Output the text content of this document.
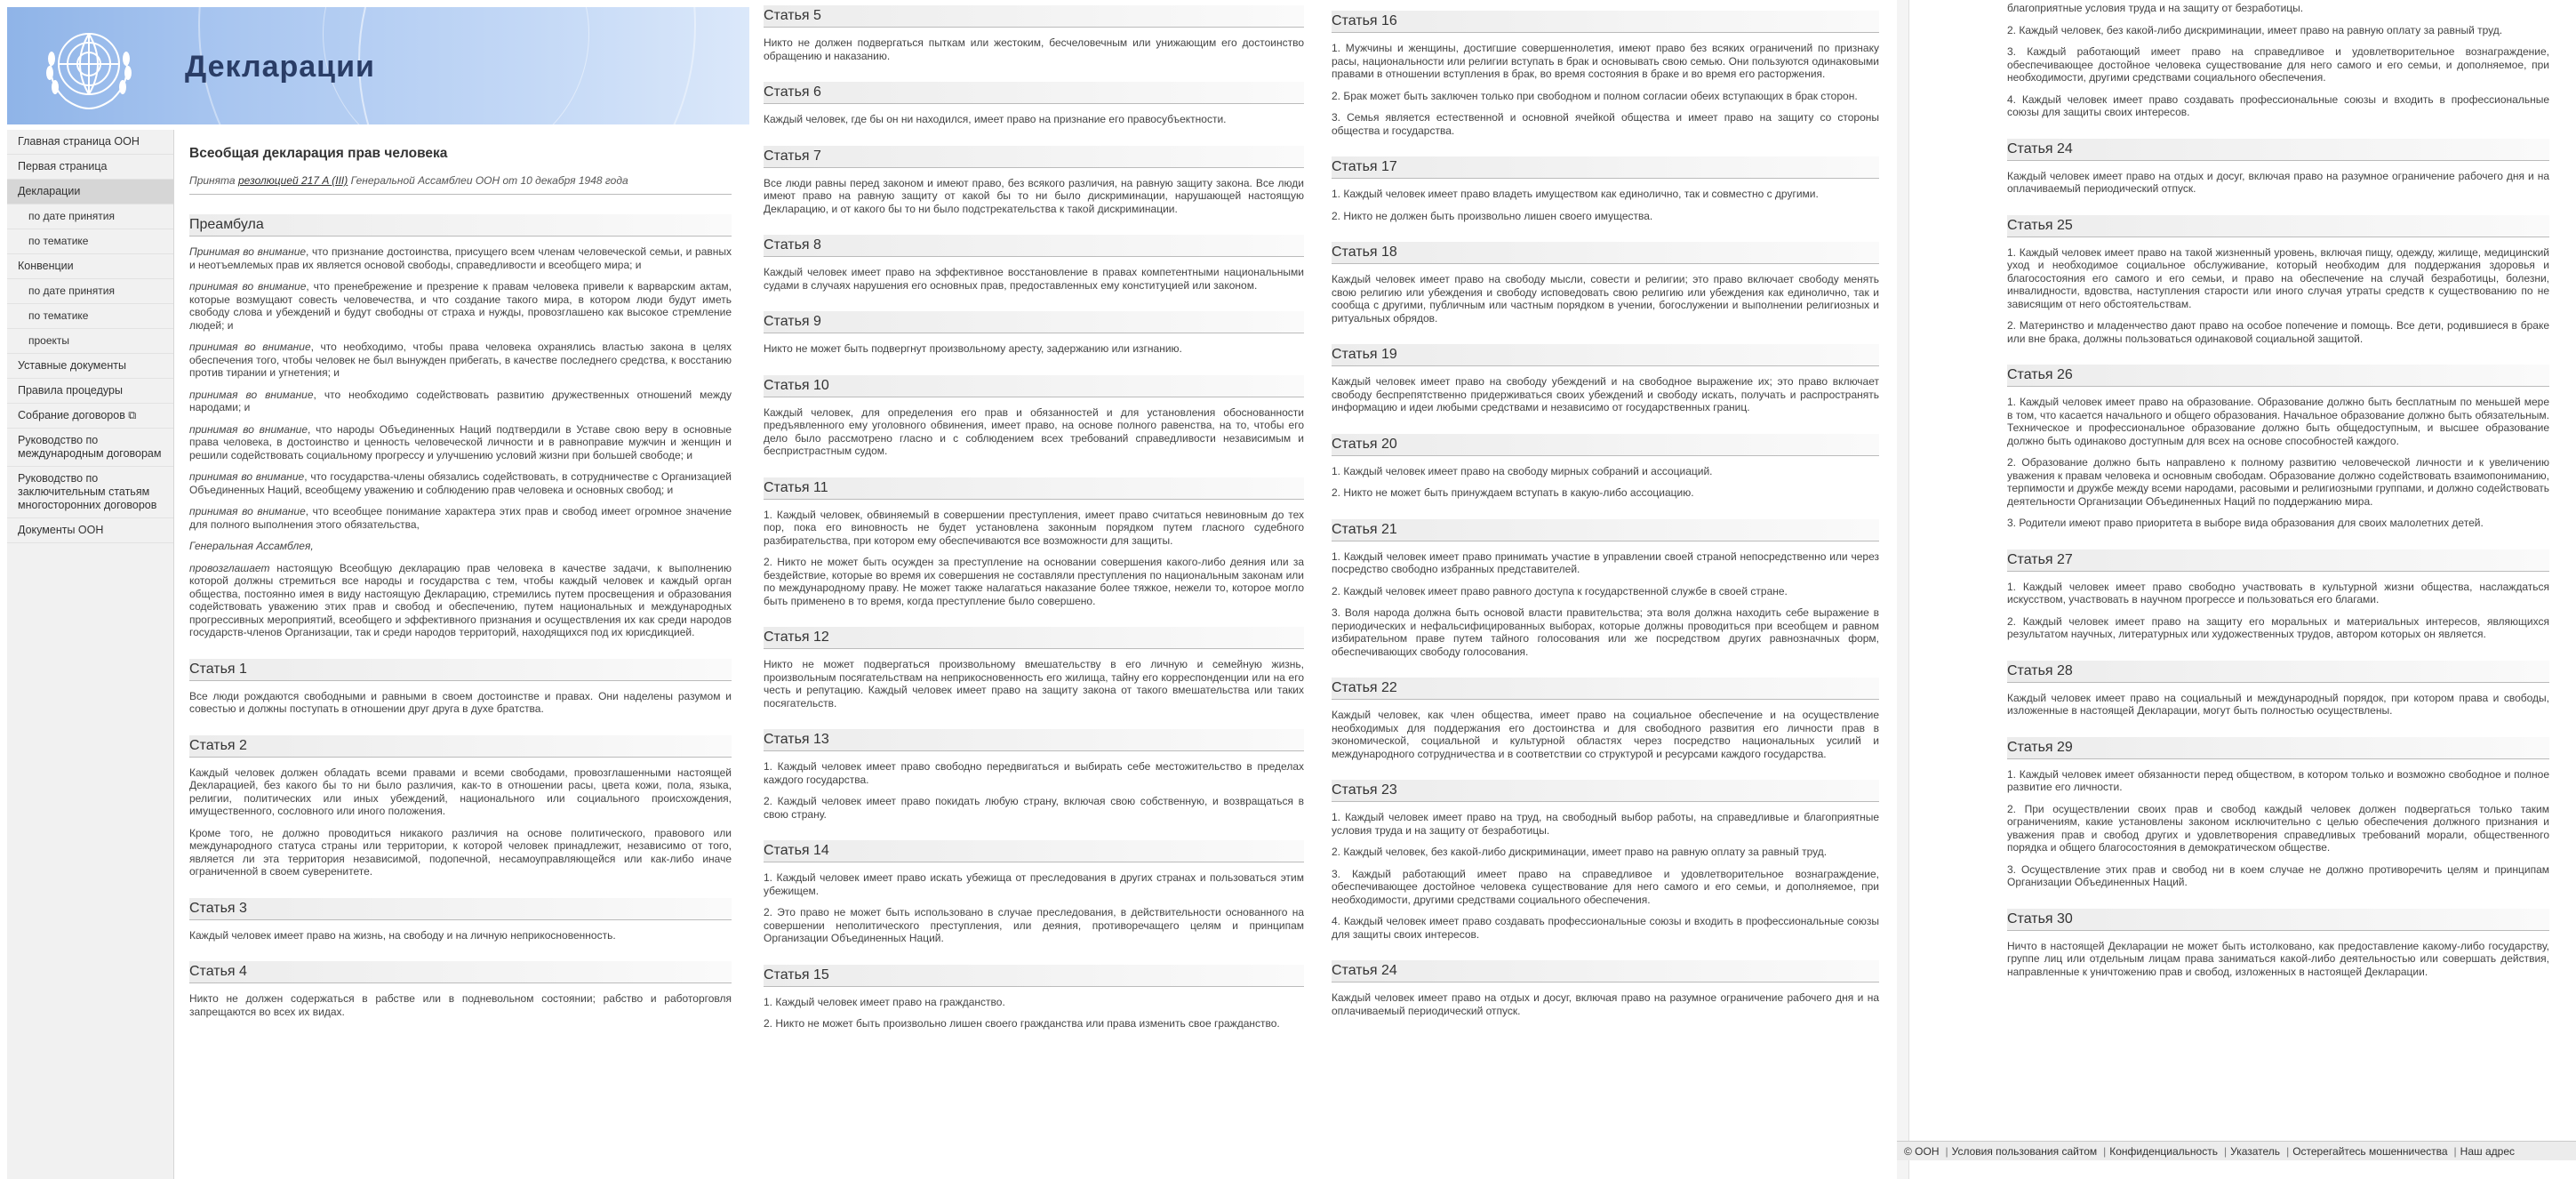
Декларации
Главная страница ООН
Первая страница
Декларации
по дате принятия
по тематике
Конвенции
по дате принятия
по тематике
проекты
Уставные документы
Правила процедуры
Собрание договоров ⧉
Руководство по международным договорам
Руководство по заключительным статьям многосторонних договоров
Документы ООН
Всеобщая декларация прав человека
Принята резолюцией 217 A (III) Генеральной Ассамблеи ООН от 10 декабря 1948 года
Преамбула

Принимая во внимание, что признание достоинства, присущего всем членам человеческой семьи, и равных и неотъемлемых прав их является основой свободы, справедливости и всеобщего мира; и

принимая во внимание, что пренебрежение и презрение к правам человека привели к варварским актам, которые возмущают совесть человечества, и что создание такого мира, в котором люди будут иметь свободу слова и убеждений и будут свободны от страха и нужды, провозглашено как высокое стремление людей; и

принимая во внимание, что необходимо, чтобы права человека охранялись властью закона в целях обеспечения того, чтобы человек не был вынужден прибегать, в качестве последнего средства, к восстанию против тирании и угнетения; и

принимая во внимание, что необходимо содействовать развитию дружественных отношений между народами; и

принимая во внимание, что народы Объединенных Наций подтвердили в Уставе свою веру в основные права человека, в достоинство и ценность человеческой личности и в равноправие мужчин и женщин и решили содействовать социальному прогрессу и улучшению условий жизни при большей свободе; и

принимая во внимание, что государства-члены обязались содействовать, в сотрудничестве с Организацией Объединенных Наций, всеобщему уважению и соблюдению прав человека и основных свобод; и

принимая во внимание, что всеобщее понимание характера этих прав и свобод имеет огромное значение для полного выполнения этого обязательства,

Генеральная Ассамблея,

провозглашает настоящую Всеобщую декларацию прав человека в качестве задачи, к выполнению которой должны стремиться все народы и государства с тем, чтобы каждый человек и каждый орган общества, постоянно имея в виду настоящую Декларацию, стремились путем просвещения и образования содействовать уважению этих прав и свобод и обеспечению, путем национальных и международных прогрессивных мероприятий, всеобщего и эффективного признания и осуществления их как среди народов государств-членов Организации, так и среди народов территорий, находящихся под их юрисдикцией.

Статья 1

Все люди рождаются свободными и равными в своем достоинстве и правах. Они наделены разумом и совестью и должны поступать в отношении друг друга в духе братства.

Статья 2

Каждый человек должен обладать всеми правами и всеми свободами, провозглашенными настоящей Декларацией, без какого бы то ни было различия, как-то в отношении расы, цвета кожи, пола, языка, религии, политических или иных убеждений, национального или социального происхождения, имущественного, сословного или иного положения.

Кроме того, не должно проводиться никакого различия на основе политического, правового или международного статуса страны или территории, к которой человек принадлежит, независимо от того, является ли эта территория независимой, подопечной, несамоуправляющейся или как-либо иначе ограниченной в своем суверенитете.

Статья 3

Каждый человек имеет право на жизнь, на свободу и на личную неприкосновенность.

Статья 4

Никто не должен содержаться в рабстве или в подневольном состоянии; рабство и работорговля запрещаются во всех их видах.

Статья 5

Никто не должен подвергаться пыткам или жестоким, бесчеловечным или унижающим его достоинство обращению и наказанию.

Статья 6

Каждый человек, где бы он ни находился, имеет право на признание его правосубъектности.

Статья 7

Все люди равны перед законом и имеют право, без всякого различия, на равную защиту закона. Все люди имеют право на равную защиту от какой бы то ни было дискриминации, нарушающей настоящую Декларацию, и от какого бы то ни было подстрекательства к такой дискриминации.

Статья 8

Каждый человек имеет право на эффективное восстановление в правах компетентными национальными судами в случаях нарушения его основных прав, предоставленных ему конституцией или законом.

Статья 9

Никто не может быть подвергнут произвольному аресту, задержанию или изгнанию.

Статья 10

Каждый человек, для определения его прав и обязанностей и для установления обоснованности предъявленного ему уголовного обвинения, имеет право, на основе полного равенства, на то, чтобы его дело было рассмотрено гласно и с соблюдением всех требований справедливости независимым и беспристрастным судом.

Статья 11

1. Каждый человек, обвиняемый в совершении преступления, имеет право считаться невиновным до тех пор, пока его виновность не будет установлена законным порядком путем гласного судебного разбирательства, при котором ему обеспечиваются все возможности для защиты.

2. Никто не может быть осужден за преступление на основании совершения какого-либо деяния или за бездействие, которые во время их совершения не составляли преступления по национальным законам или по международному праву. Не может также налагаться наказание более тяжкое, нежели то, которое могло быть применено в то время, когда преступление было совершено.

Статья 12

Никто не может подвергаться произвольному вмешательству в его личную и семейную жизнь, произвольным посягательствам на неприкосновенность его жилища, тайну его корреспонденции или на его честь и репутацию. Каждый человек имеет право на защиту закона от такого вмешательства или таких посягательств.

Статья 13

1. Каждый человек имеет право свободно передвигаться и выбирать себе местожительство в пределах каждого государства.

2. Каждый человек имеет право покидать любую страну, включая свою собственную, и возвращаться в свою страну.

Статья 14

1. Каждый человек имеет право искать убежища от преследования в других странах и пользоваться этим убежищем.

2. Это право не может быть использовано в случае преследования, в действительности основанного на совершении неполитического преступления, или деяния, противоречащего целям и принципам Организации Объединенных Наций.

Статья 15

1. Каждый человек имеет право на гражданство.

2. Никто не может быть произвольно лишен своего гражданства или права изменить свое гражданство.

Статья 16

1. Мужчины и женщины, достигшие совершеннолетия, имеют право без всяких ограничений по признаку расы, национальности или религии вступать в брак и основывать свою семью. Они пользуются одинаковыми правами в отношении вступления в брак, во время состояния в браке и во время его расторжения.

2. Брак может быть заключен только при свободном и полном согласии обеих вступающих в брак сторон.

3. Семья является естественной и основной ячейкой общества и имеет право на защиту со стороны общества и государства.

Статья 17

1. Каждый человек имеет право владеть имуществом как единолично, так и совместно с другими.

2. Никто не должен быть произвольно лишен своего имущества.

Статья 18

Каждый человек имеет право на свободу мысли, совести и религии; это право включает свободу менять свою религию или убеждения и свободу исповедовать свою религию или убеждения как единолично, так и сообща с другими, публичным или частным порядком в учении, богослужении и выполнении религиозных и ритуальных обрядов.

Статья 19

Каждый человек имеет право на свободу убеждений и на свободное выражение их; это право включает свободу беспрепятственно придерживаться своих убеждений и свободу искать, получать и распространять информацию и идеи любыми средствами и независимо от государственных границ.

Статья 20

1. Каждый человек имеет право на свободу мирных собраний и ассоциаций.

2. Никто не может быть принуждаем вступать в какую-либо ассоциацию.

Статья 21

1. Каждый человек имеет право принимать участие в управлении своей страной непосредственно или через посредство свободно избранных представителей.

2. Каждый человек имеет право равного доступа к государственной службе в своей стране.

3. Воля народа должна быть основой власти правительства; эта воля должна находить себе выражение в периодических и нефальсифицированных выборах, которые должны проводиться при всеобщем и равном избирательном праве путем тайного голосования или же посредством других равнозначных форм, обеспечивающих свободу голосования.

Статья 22

Каждый человек, как член общества, имеет право на социальное обеспечение и на осуществление необходимых для поддержания его достоинства и для свободного развития его личности прав в экономической, социальной и культурной областях через посредство национальных усилий и международного сотрудничества и в соответствии со структурой и ресурсами каждого государства.

Статья 23

1. Каждый человек имеет право на труд, на свободный выбор работы, на справедливые и благоприятные условия труда и на защиту от безработицы.

2. Каждый человек, без какой-либо дискриминации, имеет право на равную оплату за равный труд.

3. Каждый работающий имеет право на справедливое и удовлетворительное вознаграждение, обеспечивающее достойное человека существование для него самого и его семьи, и дополняемое, при необходимости, другими средствами социального обеспечения.

4. Каждый человек имеет право создавать профессиональные союзы и входить в профессиональные союзы для защиты своих интересов.

Статья 24

Каждый человек имеет право на отдых и досуг, включая право на разумное ограничение рабочего дня и на оплачиваемый периодический отпуск.

благоприятные условия труда и на защиту от безработицы.

2. Каждый человек, без какой-либо дискриминации, имеет право на равную оплату за равный труд.

3. Каждый работающий имеет право на справедливое и удовлетворительное вознаграждение, обеспечивающее достойное человека существование для него самого и его семьи, и дополняемое, при необходимости, другими средствами социального обеспечения.

4. Каждый человек имеет право создавать профессиональные союзы и входить в профессиональные союзы для защиты своих интересов.

Статья 24

Каждый человек имеет право на отдых и досуг, включая право на разумное ограничение рабочего дня и на оплачиваемый периодический отпуск.

Статья 25

1. Каждый человек имеет право на такой жизненный уровень, включая пищу, одежду, жилище, медицинский уход и необходимое социальное обслуживание, который необходим для поддержания здоровья и благосостояния его самого и его семьи, и право на обеспечение на случай безработицы, болезни, инвалидности, вдовства, наступления старости или иного случая утраты средств к существованию по не зависящим от него обстоятельствам.

2. Материнство и младенчество дают право на особое попечение и помощь. Все дети, родившиеся в браке или вне брака, должны пользоваться одинаковой социальной защитой.

Статья 26

1. Каждый человек имеет право на образование. Образование должно быть бесплатным по меньшей мере в том, что касается начального и общего образования. Начальное образование должно быть обязательным. Техническое и профессиональное образование должно быть общедоступным, и высшее образование должно быть одинаково доступным для всех на основе способностей каждого.

2. Образование должно быть направлено к полному развитию человеческой личности и к увеличению уважения к правам человека и основным свободам. Образование должно содействовать взаимопониманию, терпимости и дружбе между всеми народами, расовыми и религиозными группами, и должно содействовать деятельности Организации Объединенных Наций по поддержанию мира.

3. Родители имеют право приоритета в выборе вида образования для своих малолетних детей.

Статья 27

1. Каждый человек имеет право свободно участвовать в культурной жизни общества, наслаждаться искусством, участвовать в научном прогрессе и пользоваться его благами.

2. Каждый человек имеет право на защиту его моральных и материальных интересов, являющихся результатом научных, литературных или художественных трудов, автором которых он является.

Статья 28

Каждый человек имеет право на социальный и международный порядок, при котором права и свободы, изложенные в настоящей Декларации, могут быть полностью осуществлены.

Статья 29

1. Каждый человек имеет обязанности перед обществом, в котором только и возможно свободное и полное развитие его личности.

2. При осуществлении своих прав и свобод каждый человек должен подвергаться только таким ограничениям, какие установлены законом исключительно с целью обеспечения должного признания и уважения прав и свобод других и удовлетворения справедливых требований морали, общественного порядка и общего благосостояния в демократическом обществе.

3. Осуществление этих прав и свобод ни в коем случае не должно противоречить целям и принципам Организации Объединенных Наций.

Статья 30

Ничто в настоящей Декларации не может быть истолковано, как предоставление какому-либо государству, группе лиц или отдельным лицам права заниматься какой-либо деятельностью или совершать действия, направленные к уничтожению прав и свобод, изложенных в настоящей Декларации.

© ООН | Условия пользования сайтом | Конфиденциальность | Указатель | Остерегайтесь мошенничества | Наш адрес
